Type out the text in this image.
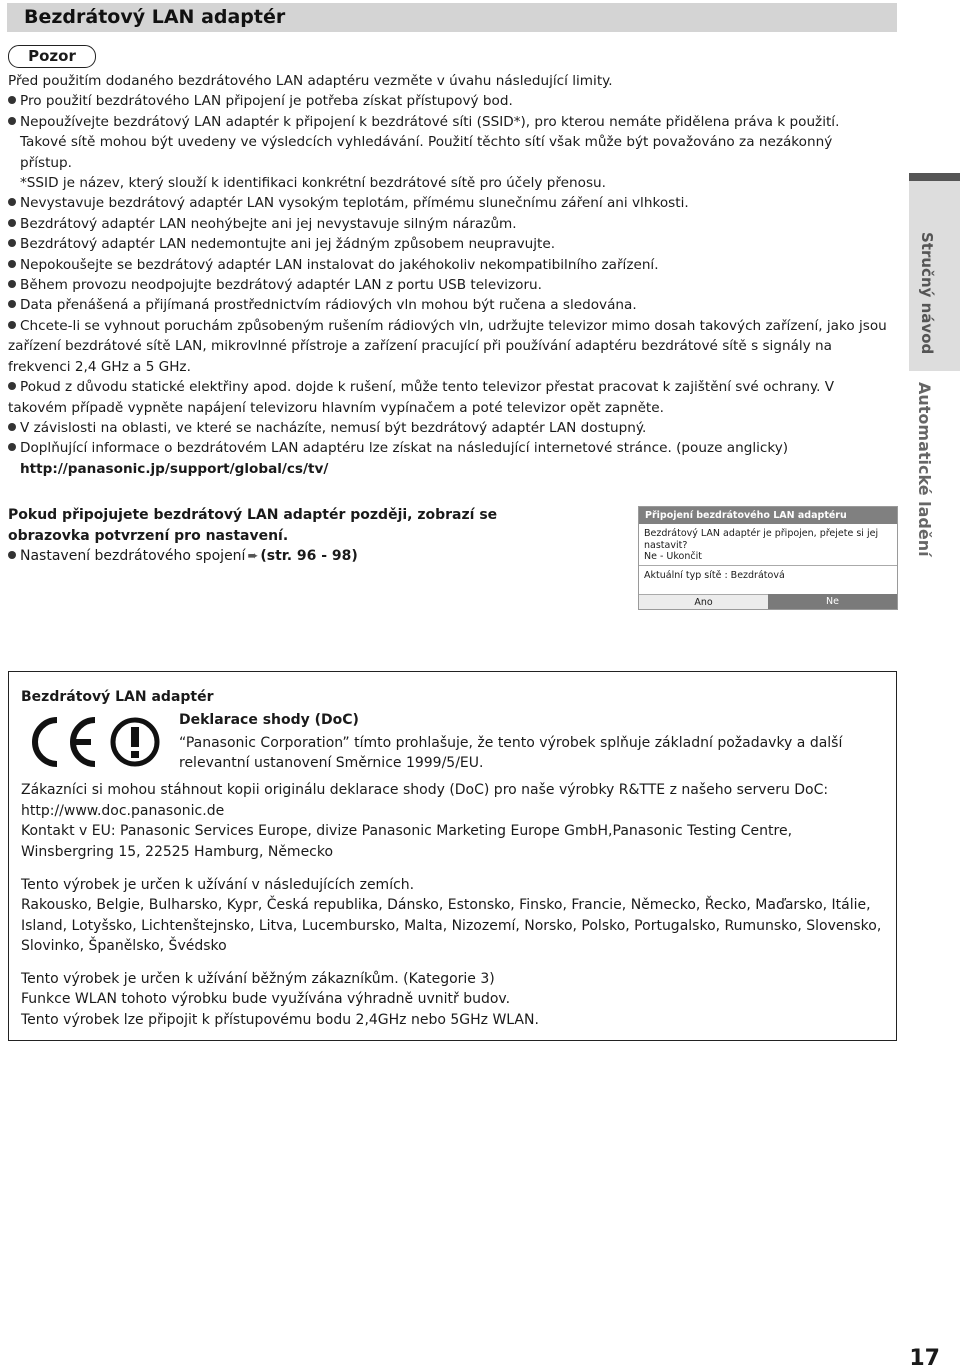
Bezdrátový LAN adaptér
Pozor

Před použitím dodaného bezdrátového LAN adaptéru vezměte v úvahu následující limity.

Pro použití bezdrátového LAN připojení je potřeba získat přístupový bod.

Nepoužívejte bezdrátový LAN adaptér k připojení k bezdrátové síti (SSID*), pro kterou nemáte přidělena práva k použití.

Takové sítě mohou být uvedeny ve výsledcích vyhledávání. Použití těchto sítí však může být považováno za nezákonný přístup.

*SSID je název, který slouží k identifikaci konkrétní bezdrátové sítě pro účely přenosu.

Nevystavuje bezdrátový adaptér LAN vysokým teplotám, přímému slunečnímu záření ani vlhkosti.

Bezdrátový adaptér LAN neohýbejte ani jej nevystavuje silným nárazům.

Bezdrátový adaptér LAN nedemontujte ani jej žádným způsobem neupravujte.

Nepokoušejte se bezdrátový adaptér LAN instalovat do jakéhokoliv nekompatibilního zařízení.

Během provozu neodpojujte bezdrátový adaptér LAN z portu USB televizoru.

Data přenášená a přijímaná prostřednictvím rádiových vln mohou být ručena a sledována.

Chcete-li se vyhnout poruchám způsobeným rušením rádiových vln, udržujte televizor mimo dosah takových zařízení, jako jsou zařízení bezdrátové sítě LAN, mikrovlnné přístroje a zařízení pracující při používání adaptéru bezdrátové sítě s signály na frekvenci 2,4 GHz a 5 GHz.

Pokud z důvodu statické elektřiny apod. dojde k rušení, může tento televizor přestat pracovat k zajištění své ochrany. V takovém případě vypněte napájení televizoru hlavním vypínačem a poté televizor opět zapněte.

V závislosti na oblasti, ve které se nacházíte, nemusí být bezdrátový adaptér LAN dostupný.

Doplňující informace o bezdrátovém LAN adaptéru lze získat na následující internetové stránce. (pouze anglicky)

http://panasonic.jp/support/global/cs/tv/

Pokud připojujete bezdrátový LAN adaptér později, zobrazí se obrazovka potvrzení pro nastavení.
Nastavení bezdrátového spojení ➨ (str. 96 - 98)
Připojení bezdrátového LAN adaptéru
Bezdrátový LAN adaptér je připojen, přejete si jej nastavit?
Ne - Ukončit
Aktuální typ sítě : Bezdrátová
Ano	Ne
Stručný návod
Automatické ladění
Bezdrátový LAN adaptér
Deklarace shody (DoC)
“Panasonic Corporation” tímto prohlašuje, že tento výrobek splňuje základní požadavky a další relevantní ustanovení Směrnice 1999/5/EU.
Zákazníci si mohou stáhnout kopii originálu deklarace shody (DoC) pro naše výrobky R&TTE z našeho serveru DoC: http://www.doc.panasonic.de
Kontakt v EU: Panasonic Services Europe, divize Panasonic Marketing Europe GmbH,Panasonic Testing Centre, Winsbergring 15, 22525 Hamburg, Německo
Tento výrobek je určen k užívání v následujících zemích.
Rakousko, Belgie, Bulharsko, Kypr, Česká republika, Dánsko, Estonsko, Finsko, Francie, Německo, Řecko, Maďarsko, Itálie, Island, Lotyšsko, Lichtenštejnsko, Litva, Lucembursko, Malta, Nizozemí, Norsko, Polsko, Portugalsko, Rumunsko, Slovensko, Slovinko, Španělsko, Švédsko
Tento výrobek je určen k užívání běžným zákazníkům. (Kategorie 3)
Funkce WLAN tohoto výrobku bude využívána výhradně uvnitř budov.
Tento výrobek lze připojit k přístupovému bodu 2,4GHz nebo 5GHz WLAN.
17
